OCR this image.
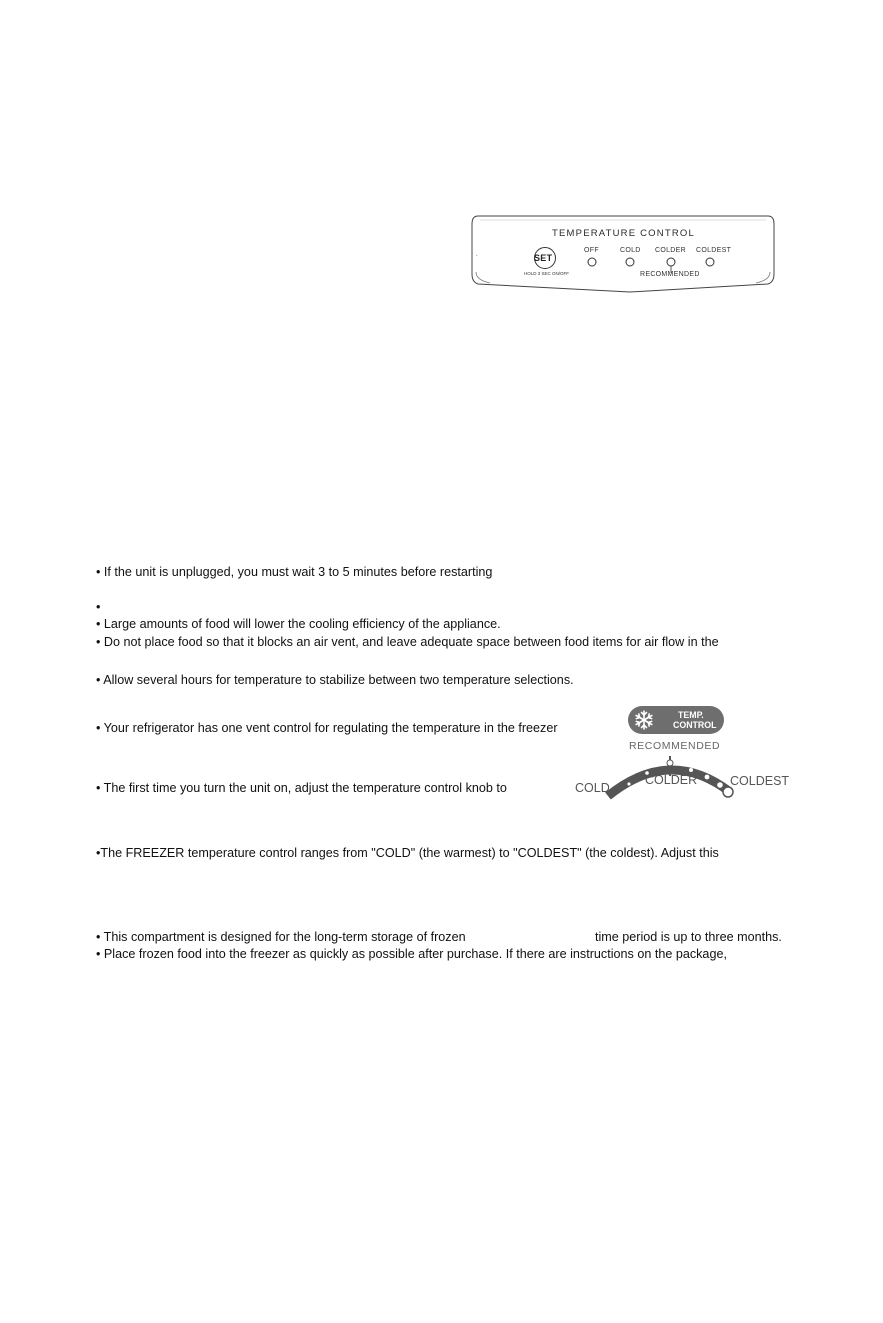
TEMPERATURE CONTROL
.	SET
HOLD 3 SEC ON/OFF
OFF	COLD COLDER COLDEST
RECOMMENDED
• If the unit is unplugged, you must wait 3 to 5 minutes before restarting
•
• Large amounts of food will lower the cooling efficiency of the appliance.
• Do not place food so that it blocks an air vent, and leave adequate space between food items for air flow in the
• Allow several hours for temperature to stabilize between two temperature selections.
• Your refrigerator has one vent control for regulating the temperature in the freezer
• The first time you turn the unit on, adjust the temperature control knob to
•The FREEZER temperature control ranges from "COLD" (the warmest) to "COLDEST" (the coldest). Adjust this
• This compartment is designed for the long-term storage of frozen	time period is up to three months.
• Place frozen food into the freezer as quickly as possible after purchase. If there are instructions on the package,
TEMP.
CONTROL
RECOMMENDED
COLD
COLDER	COLDEST
